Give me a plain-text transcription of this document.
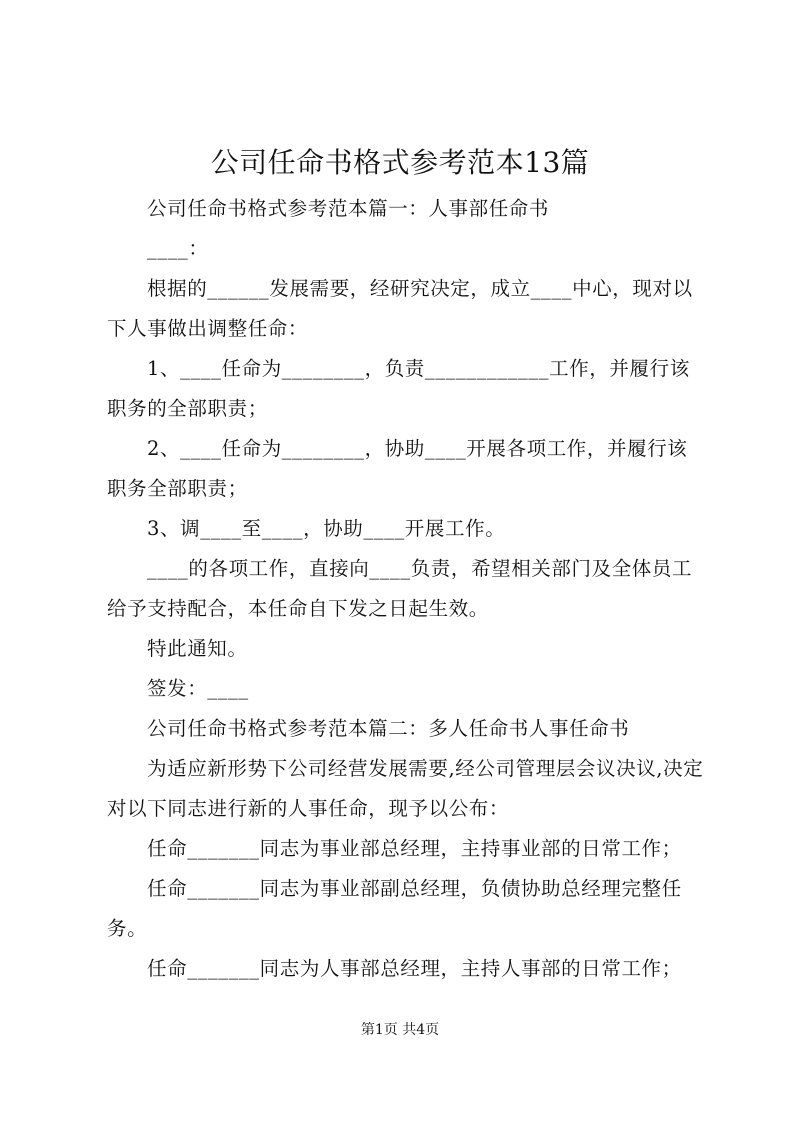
公司任命书格式参考范本13篇

公司任命书格式参考范本篇一：人事部任命书

____：

根据的______发展需要，经研究决定，成立____中心，现对以下人事做出调整任命：

1、____任命为________，负责____________工作，并履行该职务的全部职责；

2、____任命为________，协助____开展各项工作，并履行该职务全部职责；

3、调____至____，协助____开展工作。

____的各项工作，直接向____负责，希望相关部门及全体员工给予支持配合，本任命自下发之日起生效。

特此通知。

签发：____

公司任命书格式参考范本篇二：多人任命书人事任命书

为适应新形势下公司经营发展需要,经公司管理层会议决议,决定对以下同志进行新的人事任命，现予以公布：

任命_______同志为事业部总经理，主持事业部的日常工作；

任命_______同志为事业部副总经理，负债协助总经理完整任务。

任命_______同志为人事部总经理，主持人事部的日常工作；

第1页 共4页
